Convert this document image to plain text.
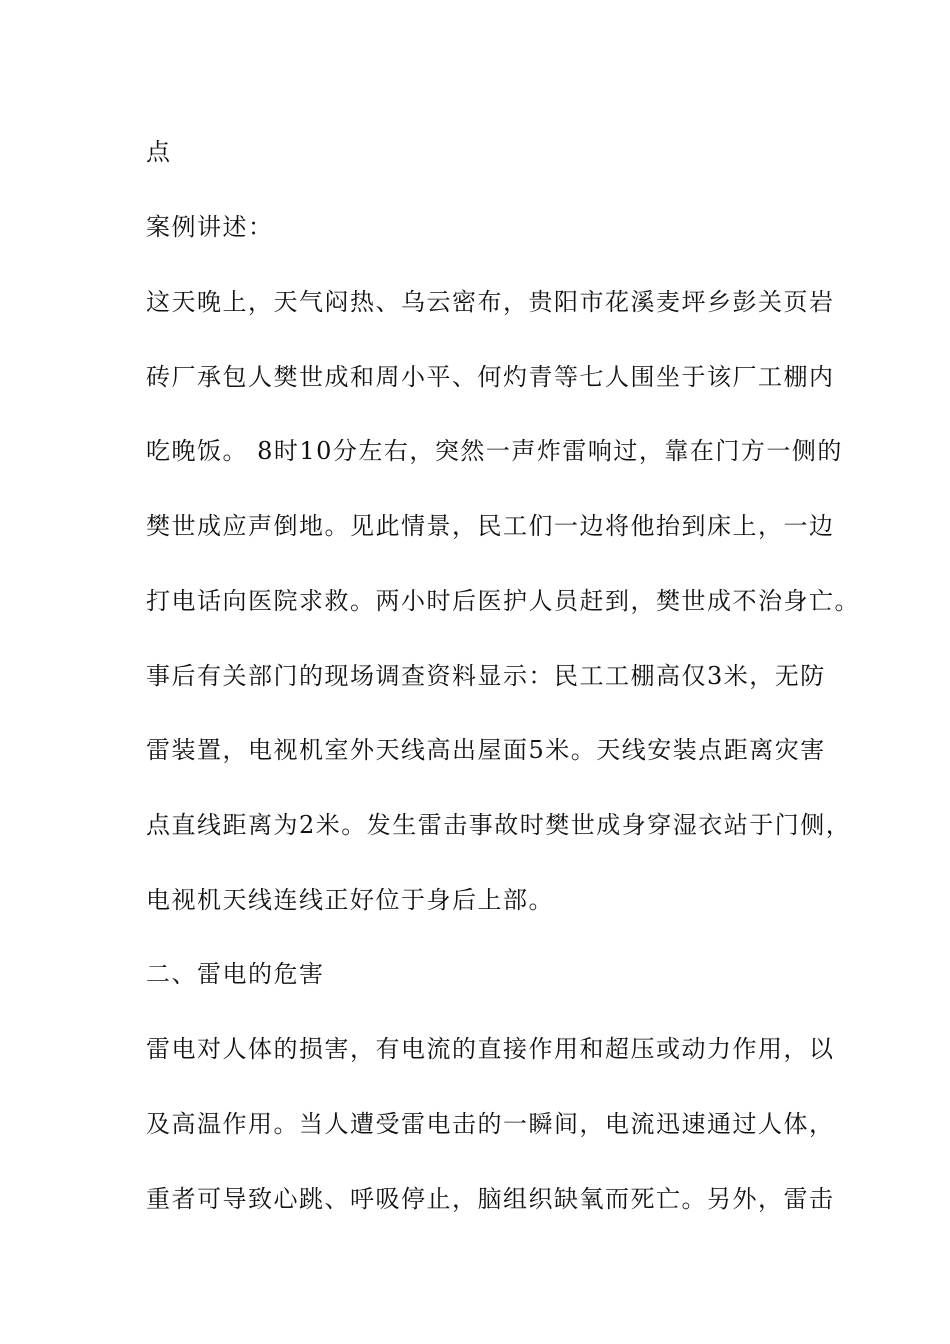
点
案例讲述：
这天晚上，天气闷热、乌云密布，贵阳市花溪麦坪乡彭关页岩
砖厂承包人樊世成和周小平、何灼青等七人围坐于该厂工棚内
吃晚饭。 8时10分左右，突然一声炸雷响过，靠在门方一侧的
樊世成应声倒地。见此情景，民工们一边将他抬到床上，一边
打电话向医院求救。两小时后医护人员赶到，樊世成不治身亡。
事后有关部门的现场调查资料显示：民工工棚高仅3米，无防
雷装置，电视机室外天线高出屋面5米。天线安装点距离灾害
点直线距离为2米。发生雷击事故时樊世成身穿湿衣站于门侧，
电视机天线连线正好位于身后上部。
二、雷电的危害
雷电对人体的损害，有电流的直接作用和超压或动力作用，以
及高温作用。当人遭受雷电击的一瞬间，电流迅速通过人体，
重者可导致心跳、呼吸停止，脑组织缺氧而死亡。另外，雷击
